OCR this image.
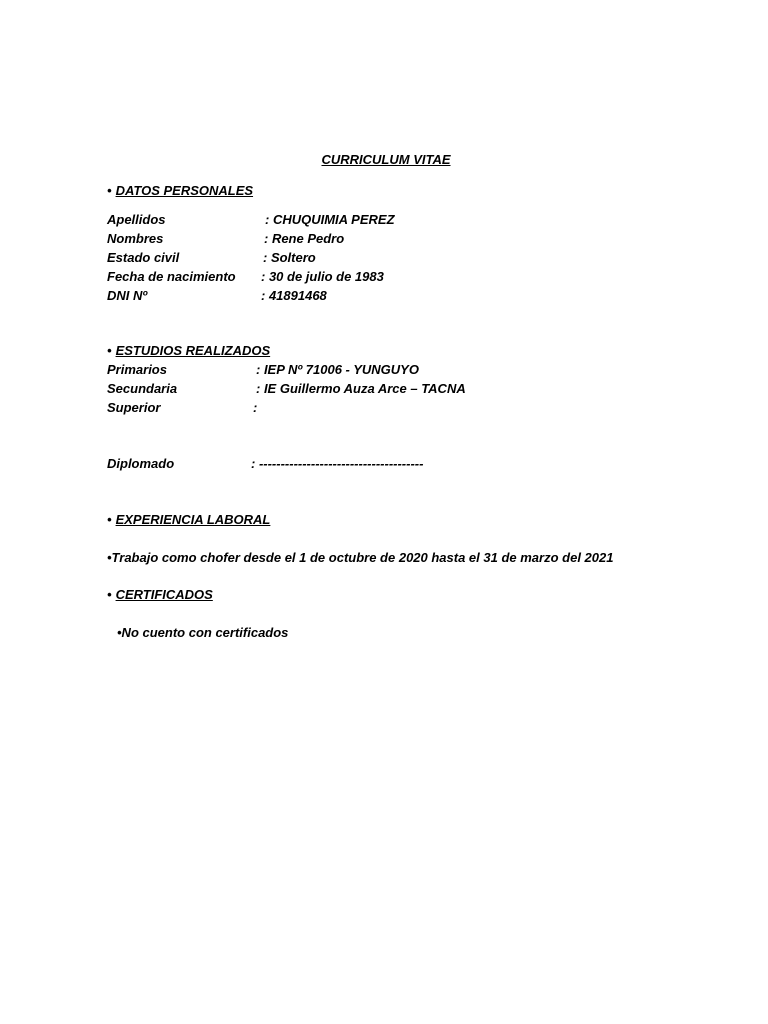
CURRICULUM VITAE
• DATOS PERSONALES
Apellidos	: CHUQUIMIA PEREZ
Nombres	: Rene Pedro
Estado civil	: Soltero
Fecha de nacimiento : 30 de julio de 1983
DNI Nº	: 41891468
• ESTUDIOS REALIZADOS
Primarios	: IEP Nº 71006 - YUNGUYO
Secundaria	: IE Guillermo Auza Arce – TACNA
Superior	:
Diplomado	: --------------------------------------
• EXPERIENCIA LABORAL
•Trabajo como chofer desde el 1 de octubre de 2020 hasta el 31 de marzo del 2021
• CERTIFICADOS
•No cuento con certificados
